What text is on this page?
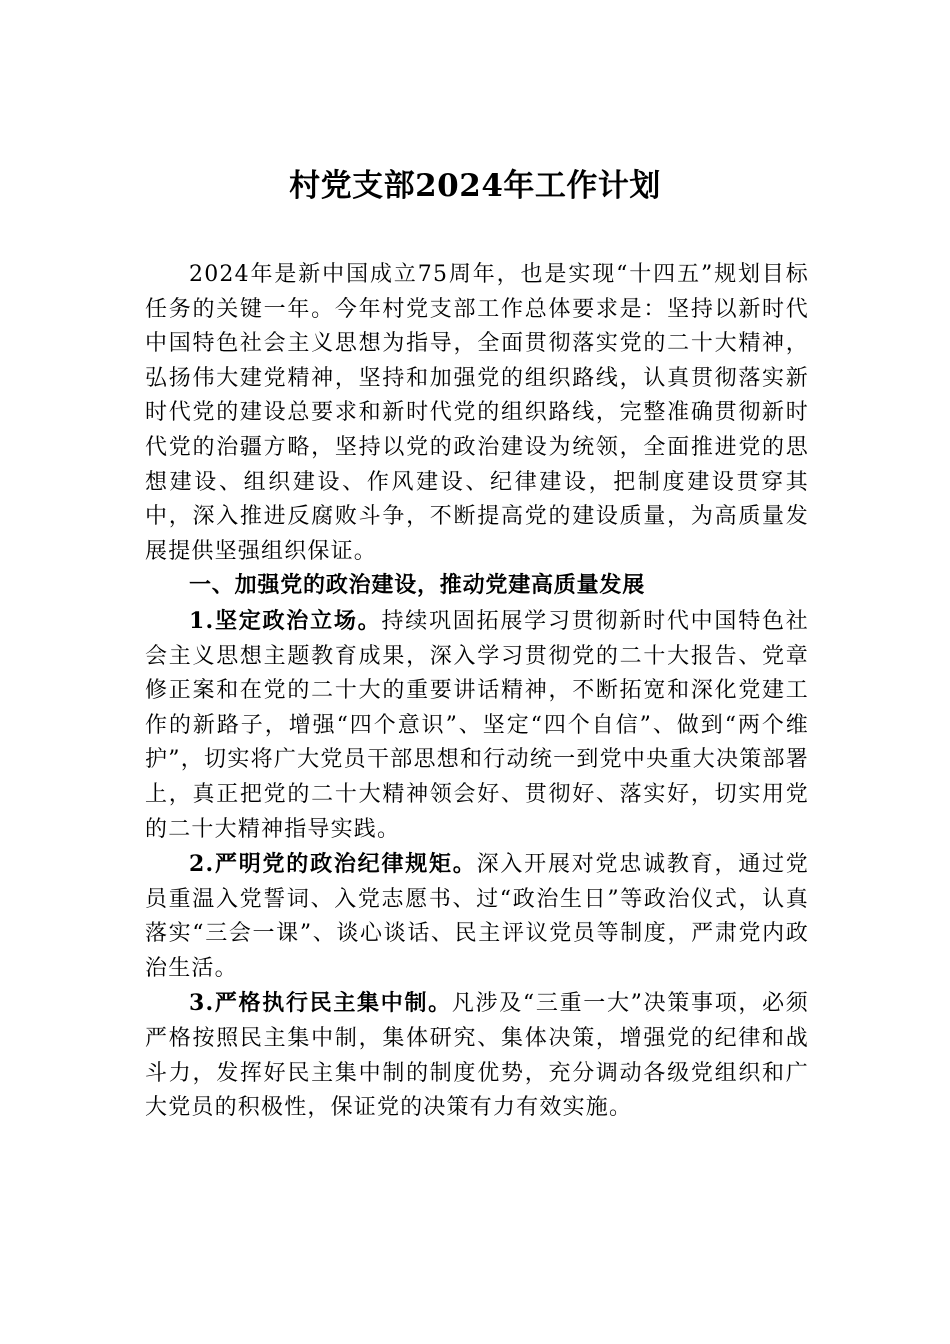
村党支部2024年工作计划

2024年是新中国成立75周年，也是实现“十四五”规划目标任务的关键一年。今年村党支部工作总体要求是：坚持以新时代中国特色社会主义思想为指导，全面贯彻落实党的二十大精神，弘扬伟大建党精神，坚持和加强党的组织路线，认真贯彻落实新时代党的建设总要求和新时代党的组织路线，完整准确贯彻新时代党的治疆方略，坚持以党的政治建设为统领，全面推进党的思想建设、组织建设、作风建设、纪律建设，把制度建设贯穿其中，深入推进反腐败斗争，不断提高党的建设质量，为高质量发展提供坚强组织保证。

一、加强党的政治建设，推动党建高质量发展

1.坚定政治立场。持续巩固拓展学习贯彻新时代中国特色社会主义思想主题教育成果，深入学习贯彻党的二十大报告、党章修正案和在党的二十大的重要讲话精神，不断拓宽和深化党建工作的新路子，增强“四个意识”、坚定“四个自信”、做到“两个维护”，切实将广大党员干部思想和行动统一到党中央重大决策部署上，真正把党的二十大精神领会好、贯彻好、落实好，切实用党的二十大精神指导实践。

2.严明党的政治纪律规矩。深入开展对党忠诚教育，通过党员重温入党誓词、入党志愿书、过“政治生日”等政治仪式，认真落实“三会一课”、谈心谈话、民主评议党员等制度，严肃党内政治生活。

3.严格执行民主集中制。凡涉及“三重一大”决策事项，必须严格按照民主集中制，集体研究、集体决策，增强党的纪律和战斗力，发挥好民主集中制的制度优势，充分调动各级党组织和广大党员的积极性，保证党的决策有力有效实施。
